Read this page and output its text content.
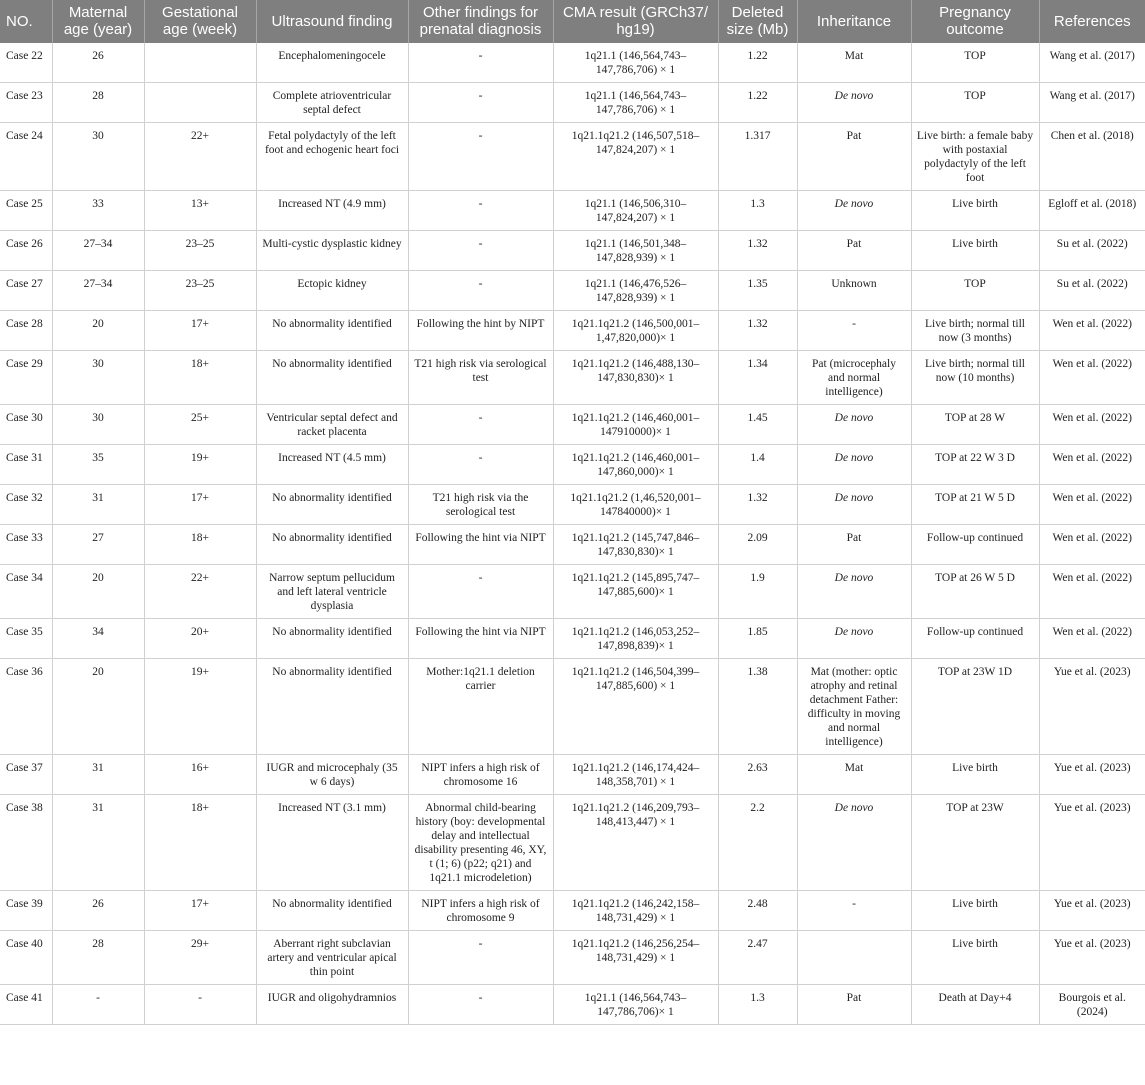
NO.	Maternal age (year)	Gestational age (week)	Ultrasound finding	Other findings for prenatal diagnosis	CMA result (GRCh37/ hg19)	Deleted size (Mb)	Inheritance	Pregnancy outcome	References
Case 22	26		Encephalomeningocele	-	1q21.1 (146,564,743–147,786,706) × 1	1.22	Mat	TOP	Wang et al. (2017)
Case 23	28		Complete atrioventricular septal defect	-	1q21.1 (146,564,743–147,786,706) × 1	1.22	De novo	TOP	Wang et al. (2017)
Case 24	30	22+	Fetal polydactyly of the left foot and echogenic heart foci	-	1q21.1q21.2 (146,507,518–147,824,207) × 1	1.317	Pat	Live birth: a female baby with postaxial polydactyly of the left foot	Chen et al. (2018)
Case 25	33	13+	Increased NT (4.9 mm)	-	1q21.1 (146,506,310–147,824,207) × 1	1.3	De novo	Live birth	Egloff et al. (2018)
Case 26	27–34	23–25	Multi-cystic dysplastic kidney	-	1q21.1 (146,501,348–147,828,939) × 1	1.32	Pat	Live birth	Su et al. (2022)
Case 27	27–34	23–25	Ectopic kidney	-	1q21.1 (146,476,526–147,828,939) × 1	1.35	Unknown	TOP	Su et al. (2022)
Case 28	20	17+	No abnormality identified	Following the hint by NIPT	1q21.1q21.2 (146,500,001–1,47,820,000)× 1	1.32	-	Live birth; normal till now (3 months)	Wen et al. (2022)
Case 29	30	18+	No abnormality identified	T21 high risk via serological test	1q21.1q21.2 (146,488,130–147,830,830)× 1	1.34	Pat (microcephaly and normal intelligence)	Live birth; normal till now (10 months)	Wen et al. (2022)
Case 30	30	25+	Ventricular septal defect and racket placenta	-	1q21.1q21.2 (146,460,001–147910000)× 1	1.45	De novo	TOP at 28 W	Wen et al. (2022)
Case 31	35	19+	Increased NT (4.5 mm)	-	1q21.1q21.2 (146,460,001–147,860,000)× 1	1.4	De novo	TOP at 22 W 3 D	Wen et al. (2022)
Case 32	31	17+	No abnormality identified	T21 high risk via the serological test	1q21.1q21.2 (1,46,520,001–147840000)× 1	1.32	De novo	TOP at 21 W 5 D	Wen et al. (2022)
Case 33	27	18+	No abnormality identified	Following the hint via NIPT	1q21.1q21.2 (145,747,846–147,830,830)× 1	2.09	Pat	Follow-up continued	Wen et al. (2022)
Case 34	20	22+	Narrow septum pellucidum and left lateral ventricle dysplasia	-	1q21.1q21.2 (145,895,747–147,885,600)× 1	1.9	De novo	TOP at 26 W 5 D	Wen et al. (2022)
Case 35	34	20+	No abnormality identified	Following the hint via NIPT	1q21.1q21.2 (146,053,252–147,898,839)× 1	1.85	De novo	Follow-up continued	Wen et al. (2022)
Case 36	20	19+	No abnormality identified	Mother:1q21.1 deletion carrier	1q21.1q21.2 (146,504,399–147,885,600) × 1	1.38	Mat (mother: optic atrophy and retinal detachment Father: difficulty in moving and normal intelligence)	TOP at 23W 1D	Yue et al. (2023)
Case 37	31	16+	IUGR and microcephaly (35 w 6 days)	NIPT infers a high risk of chromosome 16	1q21.1q21.2 (146,174,424–148,358,701) × 1	2.63	Mat	Live birth	Yue et al. (2023)
Case 38	31	18+	Increased NT (3.1 mm)	Abnormal child-bearing history (boy: developmental delay and intellectual disability presenting 46, XY, t (1; 6) (p22; q21) and 1q21.1 microdeletion)	1q21.1q21.2 (146,209,793–148,413,447) × 1	2.2	De novo	TOP at 23W	Yue et al. (2023)
Case 39	26	17+	No abnormality identified	NIPT infers a high risk of chromosome 9	1q21.1q21.2 (146,242,158–148,731,429) × 1	2.48	-	Live birth	Yue et al. (2023)
Case 40	28	29+	Aberrant right subclavian artery and ventricular apical thin point	-	1q21.1q21.2 (146,256,254–148,731,429) × 1	2.47		Live birth	Yue et al. (2023)
Case 41	-	-	IUGR and oligohydramnios	-	1q21.1 (146,564,743–147,786,706)× 1	1.3	Pat	Death at Day+4	Bourgois et al. (2024)
